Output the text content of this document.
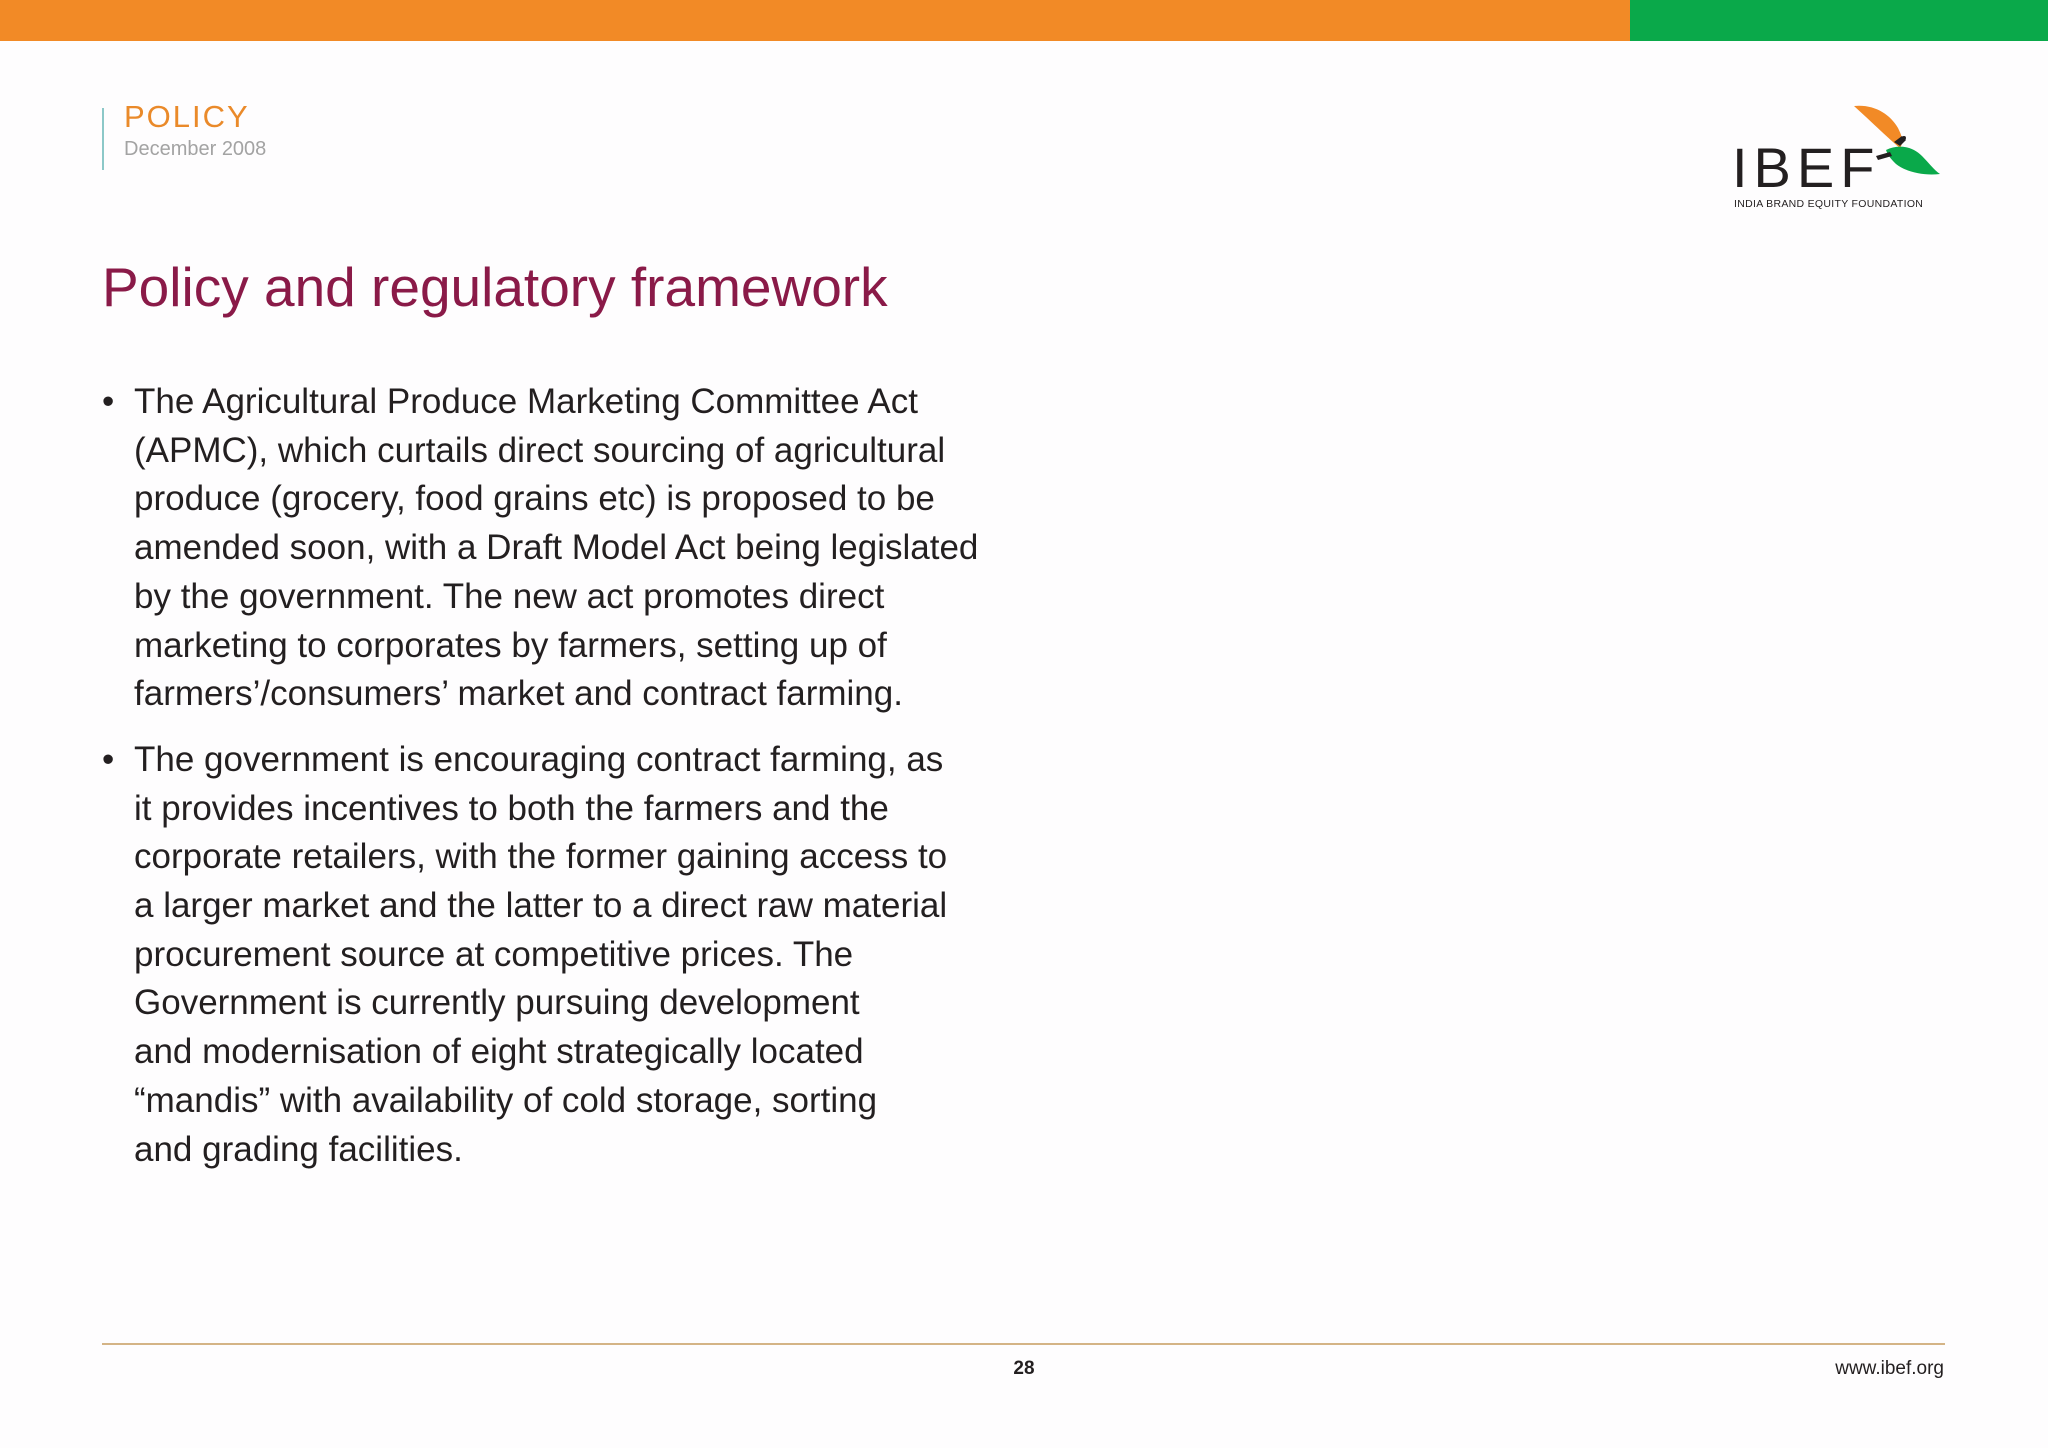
POLICY
December 2008	IBEF
INDIA BRAND EQUITY FOUNDATION
Policy and regulatory framework
• The Agricultural Produce Marketing Committee Act
(APMC), which curtails direct sourcing of agricultural
produce (grocery, food grains etc) is proposed to be
amended soon, with a Draft Model Act being legislated
by the government. The new act promotes direct
marketing to corporates by farmers, setting up of
farmers’/consumers’ market and contract farming.
• The government is encouraging contract farming, as
it provides incentives to both the farmers and the
corporate retailers, with the former gaining access to
a larger market and the latter to a direct raw material
procurement source at competitive prices. The
Government is currently pursuing development
and modernisation of eight strategically located
“mandis” with availability of cold storage, sorting
and grading facilities.
28	www.ibef.org
